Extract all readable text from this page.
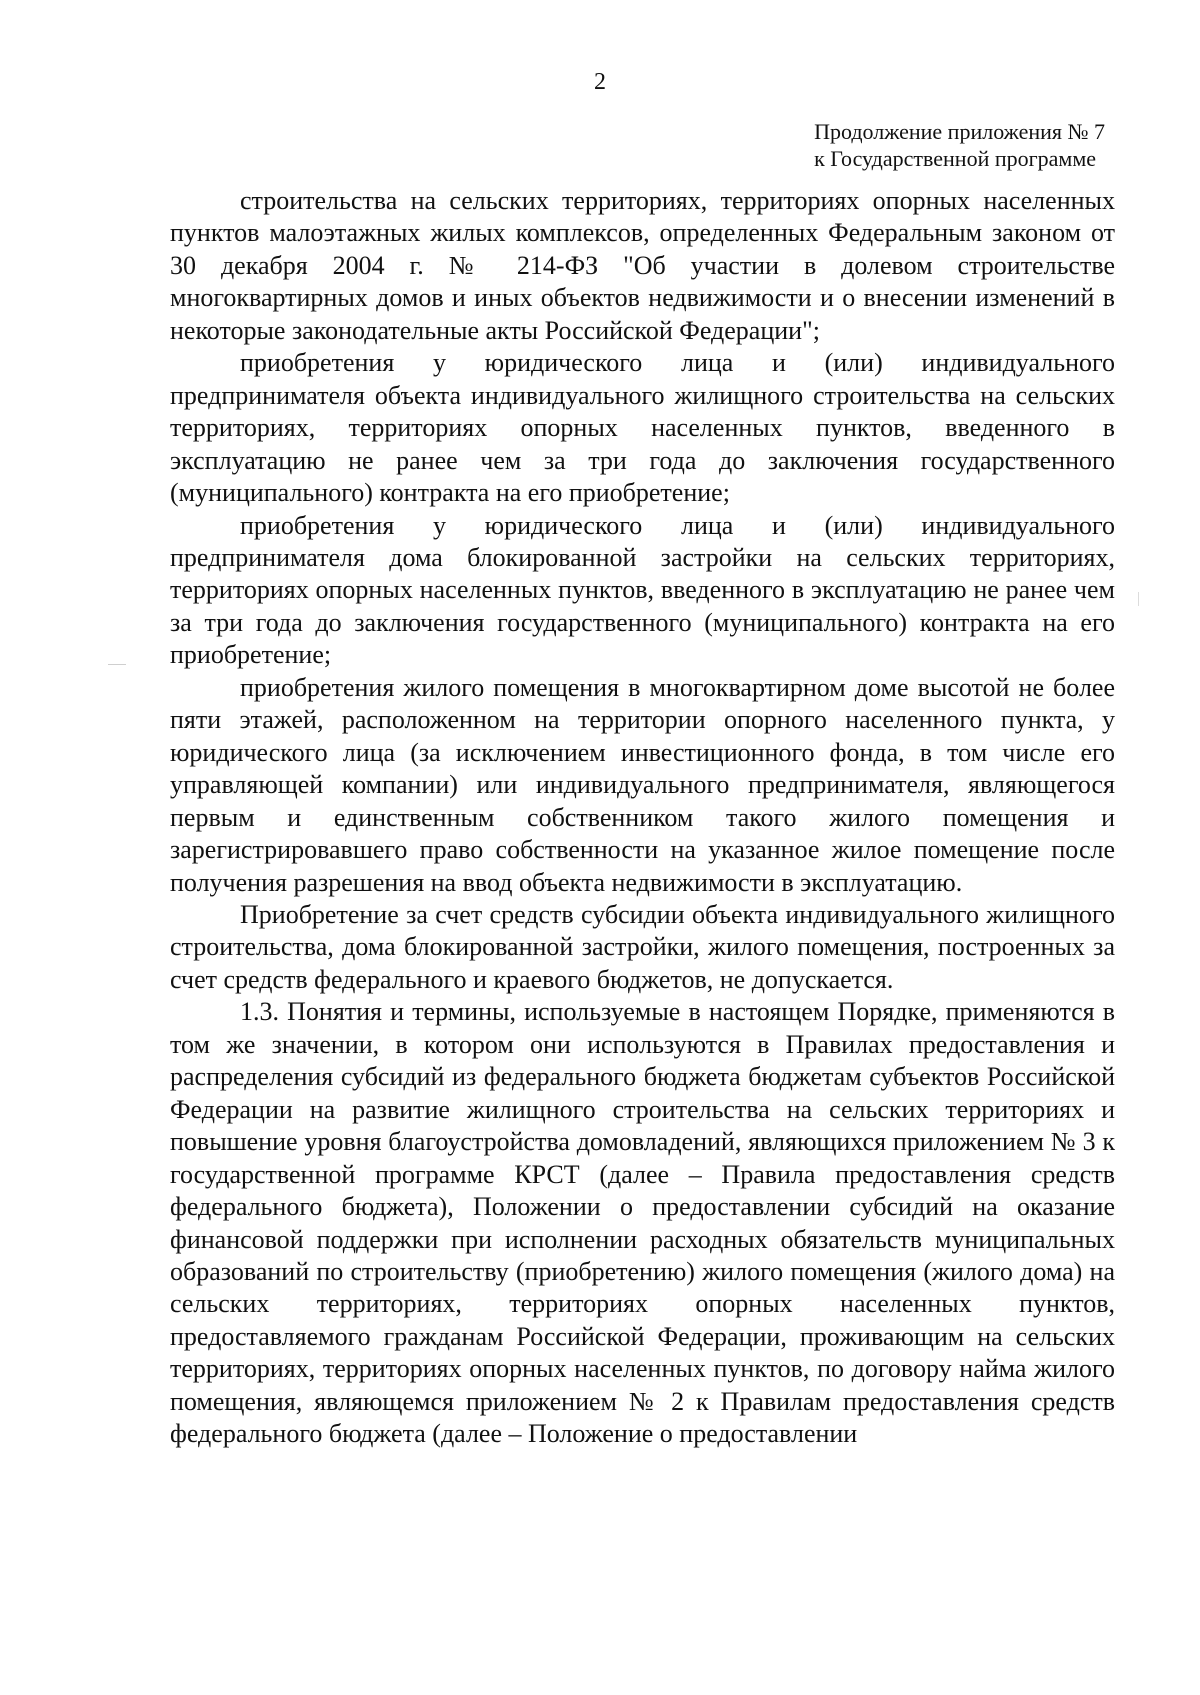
2
Продолжение приложения № 7
к Государственной программе

строительства на сельских территориях, территориях опорных населенных пунктов малоэтажных жилых комплексов, определенных Федеральным законом от 30 декабря 2004 г. № 214-ФЗ "Об участии в долевом строительстве многоквартирных домов и иных объектов недвижимости и о внесении изменений в некоторые законодательные акты Российской Федерации";

приобретения у юридического лица и (или) индивидуального предпринимателя объекта индивидуального жилищного строительства на сельских территориях, территориях опорных населенных пунктов, введенного в эксплуатацию не ранее чем за три года до заключения государственного (муниципального) контракта на его приобретение;

приобретения у юридического лица и (или) индивидуального предпринимателя дома блокированной застройки на сельских территориях, территориях опорных населенных пунктов, введенного в эксплуатацию не ранее чем за три года до заключения государственного (муниципального) контракта на его приобретение;

приобретения жилого помещения в многоквартирном доме высотой не более пяти этажей, расположенном на территории опорного населенного пункта, у юридического лица (за исключением инвестиционного фонда, в том числе его управляющей компании) или индивидуального предпринимателя, являющегося первым и единственным собственником такого жилого помещения и зарегистрировавшего право собственности на указанное жилое помещение после получения разрешения на ввод объекта недвижимости в эксплуатацию.

Приобретение за счет средств субсидии объекта индивидуального жилищного строительства, дома блокированной застройки, жилого помещения, построенных за счет средств федерального и краевого бюджетов, не допускается.

1.3. Понятия и термины, используемые в настоящем Порядке, применяются в том же значении, в котором они используются в Правилах предоставления и распределения субсидий из федерального бюджета бюджетам субъектов Российской Федерации на развитие жилищного строительства на сельских территориях и повышение уровня благоустройства домовладений, являющихся приложением № 3 к государственной программе КРСТ (далее – Правила предоставления средств федерального бюджета), Положении о предоставлении субсидий на оказание финансовой поддержки при исполнении расходных обязательств муниципальных образований по строительству (приобретению) жилого помещения (жилого дома) на сельских территориях, территориях опорных населенных пунктов, предоставляемого гражданам Российской Федерации, проживающим на сельских территориях, территориях опорных населенных пунктов, по договору найма жилого помещения, являющемся приложением № 2 к Правилам предоставления средств федерального бюджета (далее – Положение о предоставлении
